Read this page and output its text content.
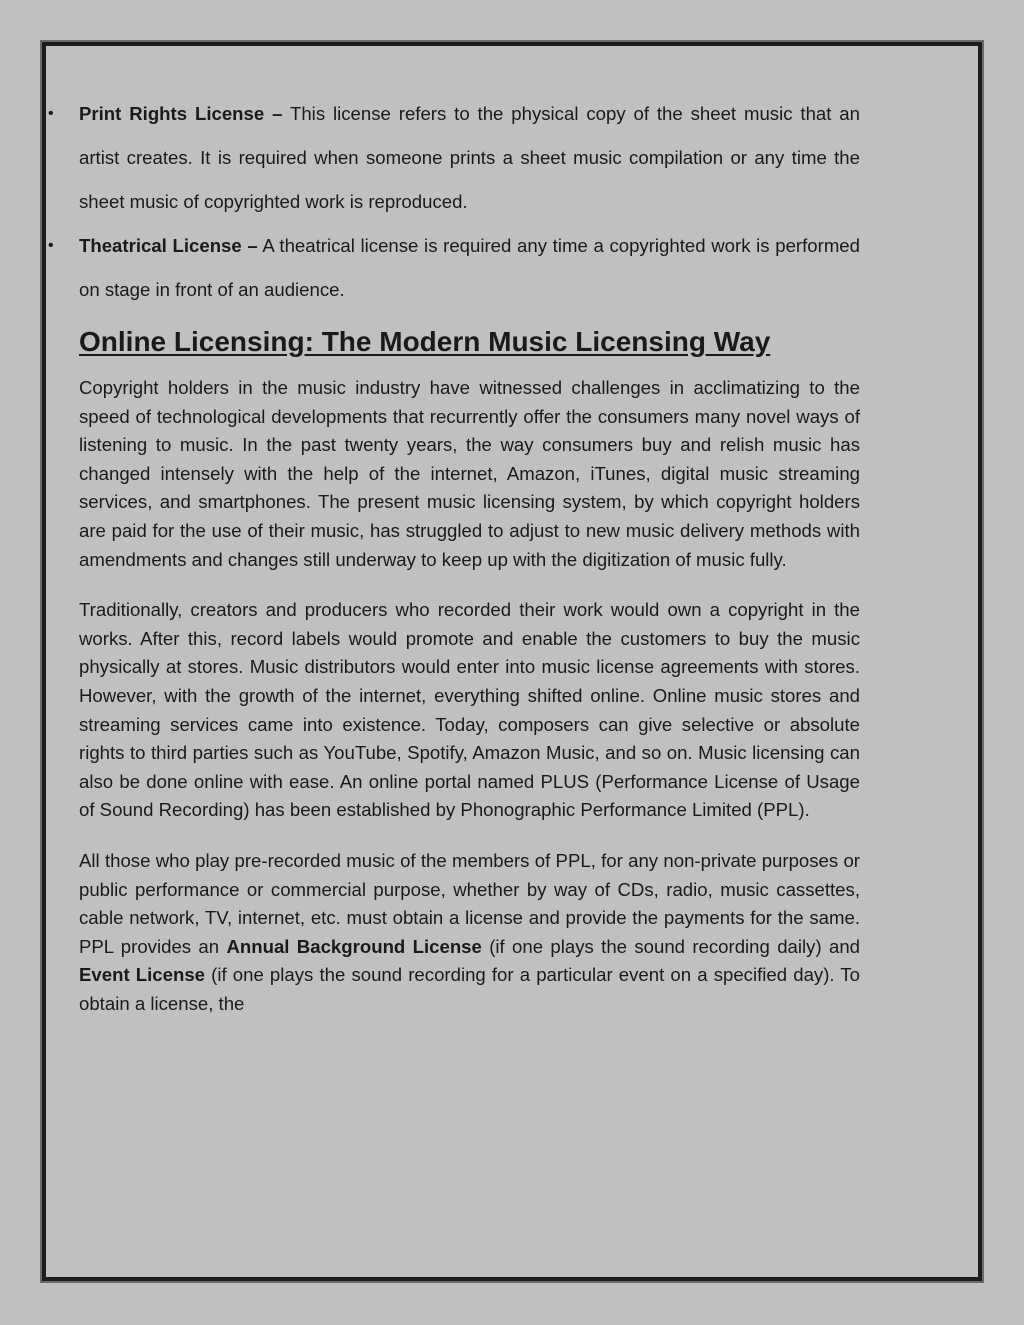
• Print Rights License – This license refers to the physical copy of the sheet music that an artist creates. It is required when someone prints a sheet music compilation or any time the sheet music of copyrighted work is reproduced.
• Theatrical License – A theatrical license is required any time a copyrighted work is performed on stage in front of an audience.
Online Licensing: The Modern Music Licensing Way

Copyright holders in the music industry have witnessed challenges in acclimatizing to the speed of technological developments that recurrently offer the consumers many novel ways of listening to music. In the past twenty years, the way consumers buy and relish music has changed intensely with the help of the internet, Amazon, iTunes, digital music streaming services, and smartphones. The present music licensing system, by which copyright holders are paid for the use of their music, has struggled to adjust to new music delivery methods with amendments and changes still underway to keep up with the digitization of music fully.

Traditionally, creators and producers who recorded their work would own a copyright in the works. After this, record labels would promote and enable the customers to buy the music physically at stores. Music distributors would enter into music license agreements with stores. However, with the growth of the internet, everything shifted online. Online music stores and streaming services came into existence. Today, composers can give selective or absolute rights to third parties such as YouTube, Spotify, Amazon Music, and so on. Music licensing can also be done online with ease. An online portal named PLUS (Performance License of Usage of Sound Recording) has been established by Phonographic Performance Limited (PPL).

All those who play pre-recorded music of the members of PPL, for any non-private purposes or public performance or commercial purpose, whether by way of CDs, radio, music cassettes, cable network, TV, internet, etc. must obtain a license and provide the payments for the same. PPL provides an Annual Background License (if one plays the sound recording daily) and Event License (if one plays the sound recording for a particular event on a specified day). To obtain a license, the
